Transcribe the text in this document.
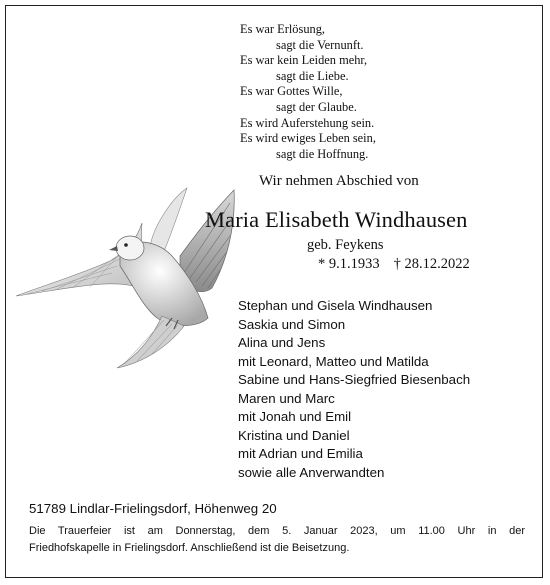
Es war Erlösung,
sagt die Vernunft.
Es war kein Leiden mehr,
sagt die Liebe.
Es war Gottes Wille,
sagt der Glaube.
Es wird Auferstehung sein.
Es wird ewiges Leben sein,
sagt die Hoffnung.
Wir nehmen Abschied von
Maria Elisabeth Windhausen
geb. Feykens
* 9.1.1933 † 28.12.2022
Stephan und Gisela Windhausen
Saskia und Simon
Alina und Jens
mit Leonard, Matteo und Matilda
Sabine und Hans-Siegfried Biesenbach
Maren und Marc
mit Jonah und Emil
Kristina und Daniel
mit Adrian und Emilia
sowie alle Anverwandten
51789 Lindlar-Frielingsdorf, Höhenweg 20
Die Trauerfeier ist am Donnerstag, dem 5. Januar 2023, um 11.00 Uhr in der
Friedhofskapelle in Frielingsdorf. Anschließend ist die Beisetzung.
